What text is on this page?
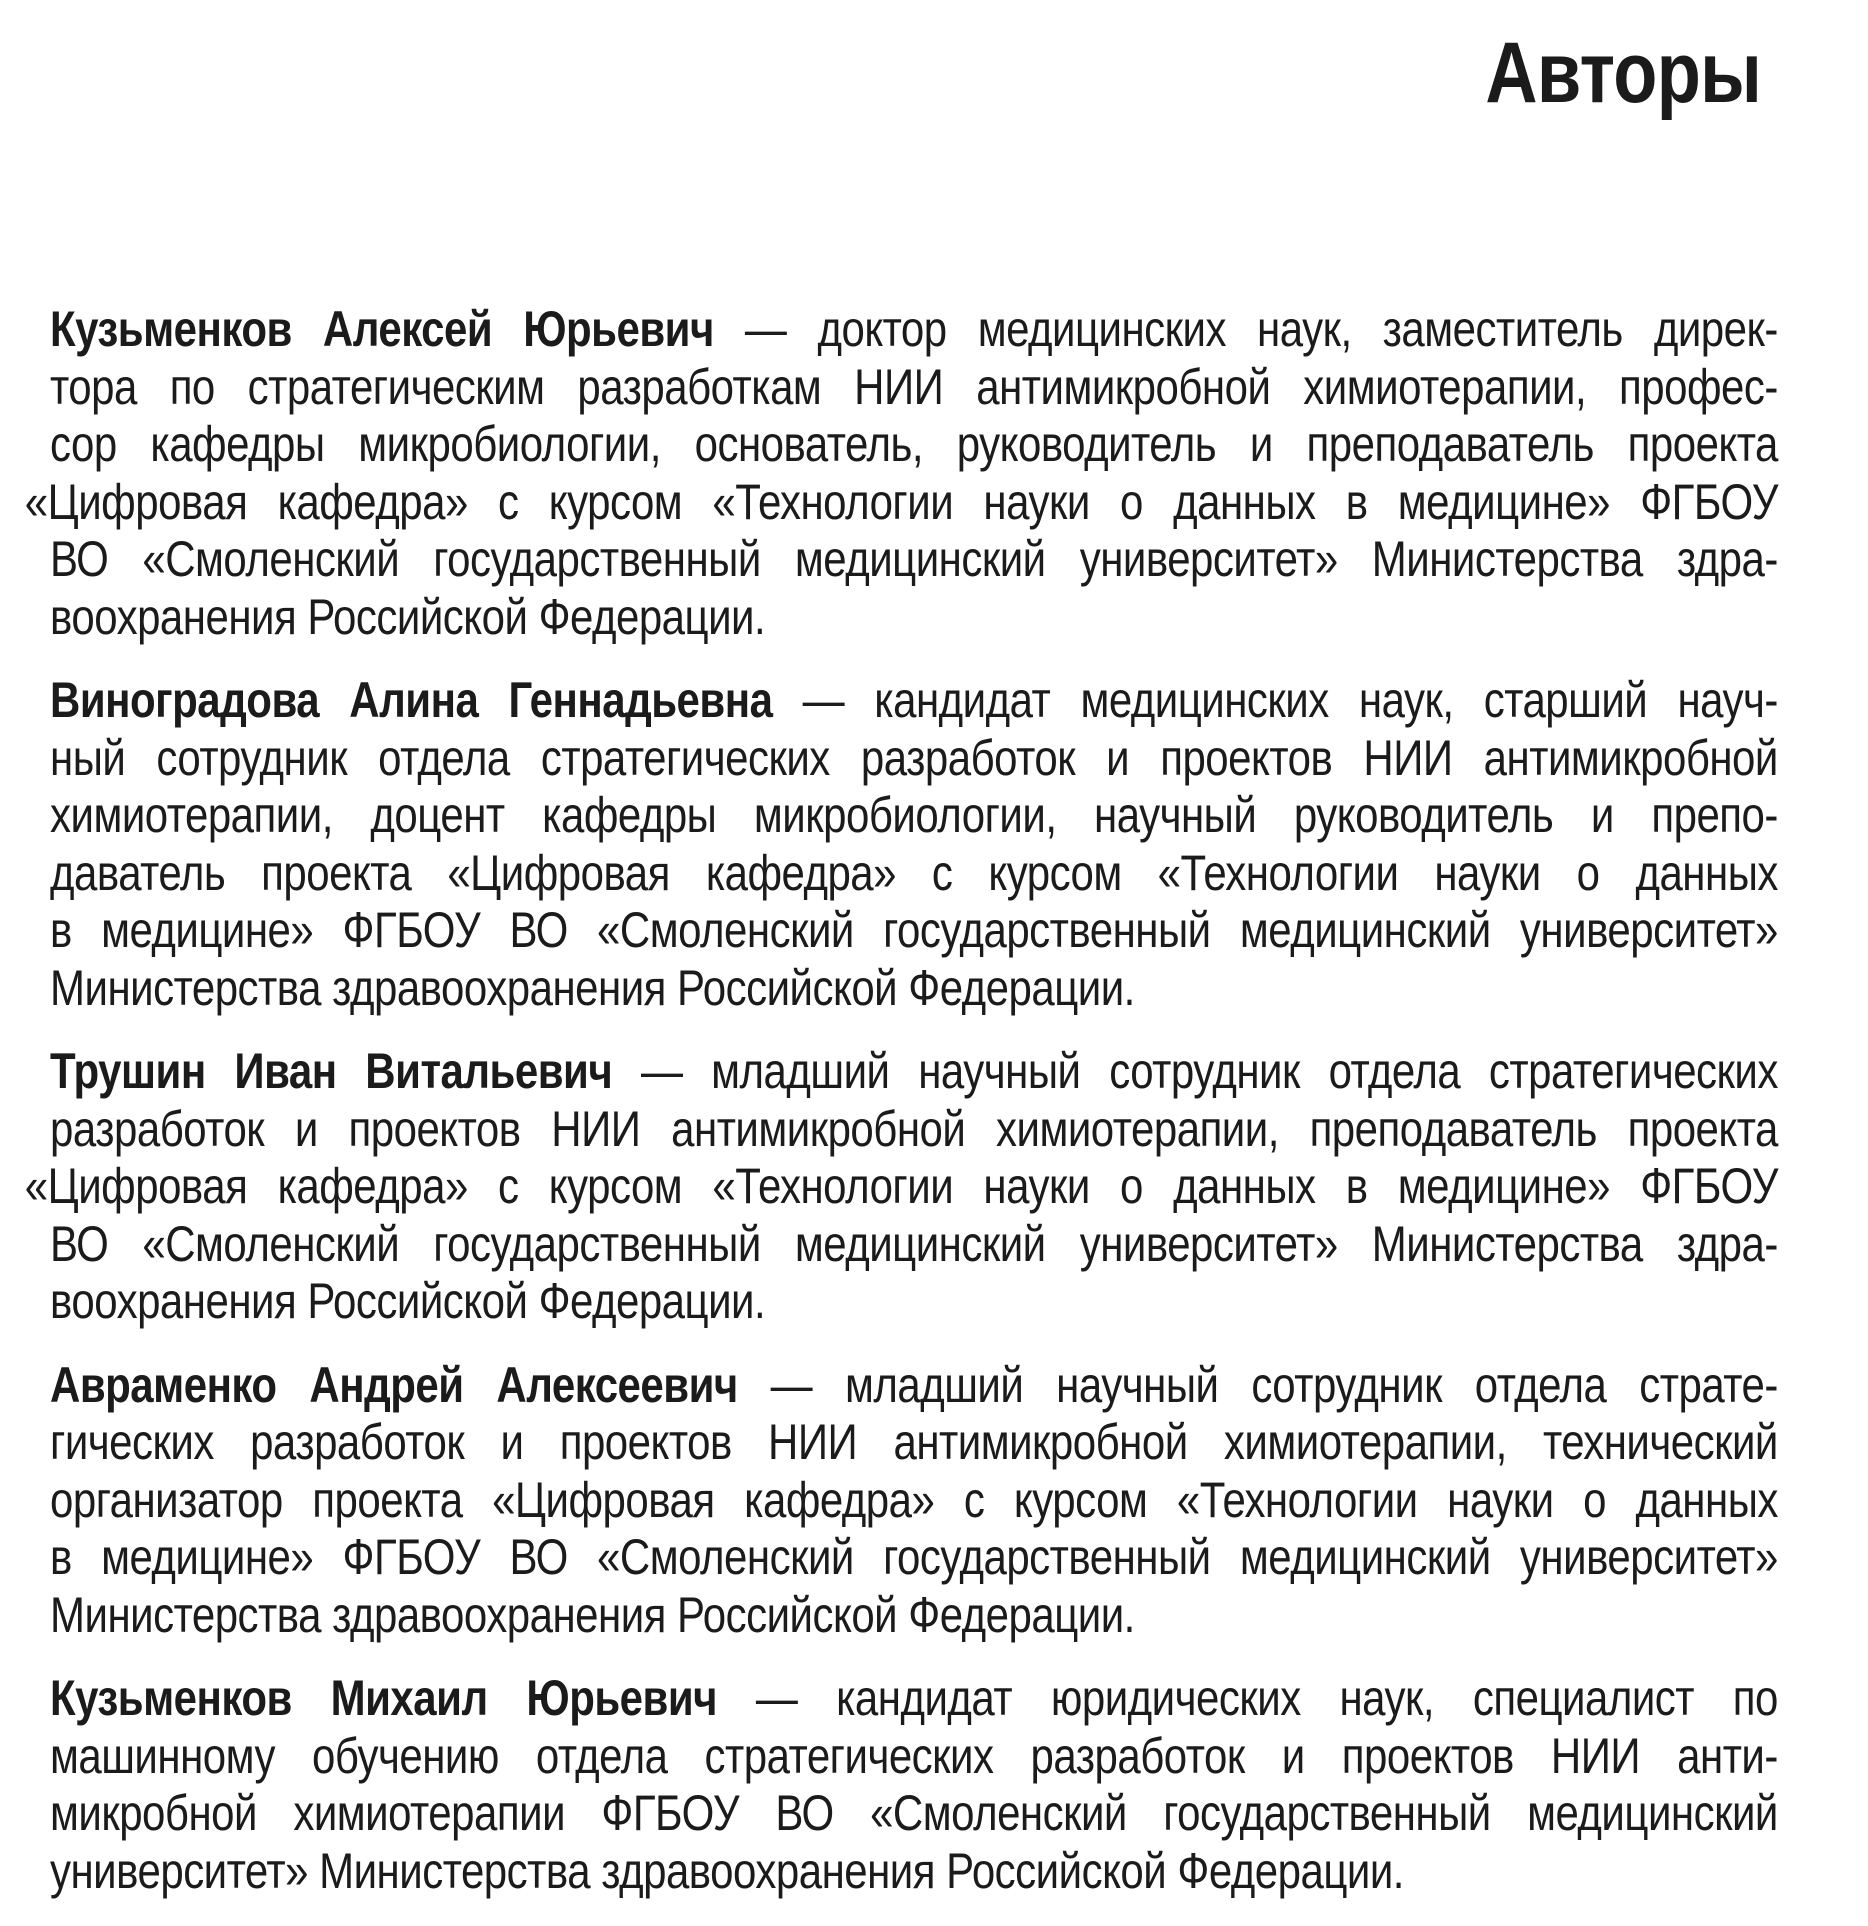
Авторы
Кузьменков Алексей Юрьевич — доктор медицинских наук, заместитель дирек-
тора по стратегическим разработкам НИИ антимикробной химиотерапии, профес-
сор кафедры микробиологии, основатель, руководитель и преподаватель проекта
«Цифровая кафедра» с курсом «Технологии науки о данных в медицине» ФГБОУ
ВО «Смоленский государственный медицинский университет» Министерства здра-
воохранения Российской Федерации.
Виноградова Алина Геннадьевна — кандидат медицинских наук, старший науч-
ный сотрудник отдела стратегических разработок и проектов НИИ антимикробной
химиотерапии, доцент кафедры микробиологии, научный руководитель и препо-
даватель проекта «Цифровая кафедра» с курсом «Технологии науки о данных
в медицине» ФГБОУ ВО «Смоленский государственный медицинский университет»
Министерства здравоохранения Российской Федерации.
Трушин Иван Витальевич — младший научный сотрудник отдела стратегических
разработок и проектов НИИ антимикробной химиотерапии, преподаватель проекта
«Цифровая кафедра» с курсом «Технологии науки о данных в медицине» ФГБОУ
ВО «Смоленский государственный медицинский университет» Министерства здра-
воохранения Российской Федерации.
Авраменко Андрей Алексеевич — младший научный сотрудник отдела страте-
гических разработок и проектов НИИ антимикробной химиотерапии, технический
организатор проекта «Цифровая кафедра» с курсом «Технологии науки о данных
в медицине» ФГБОУ ВО «Смоленский государственный медицинский университет»
Министерства здравоохранения Российской Федерации.
Кузьменков Михаил Юрьевич — кандидат юридических наук, специалист по
машинному обучению отдела стратегических разработок и проектов НИИ анти-
микробной химиотерапии ФГБОУ ВО «Смоленский государственный медицинский
университет» Министерства здравоохранения Российской Федерации.
